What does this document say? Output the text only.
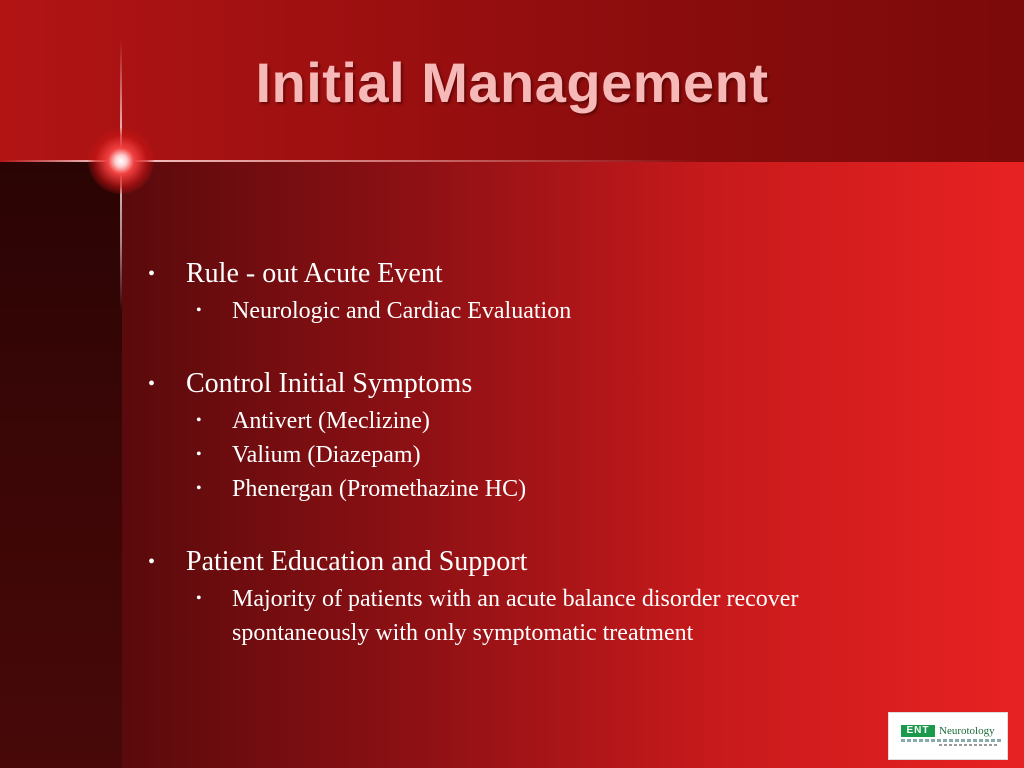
Initial Management
•	Rule - out Acute Event
•	Neurologic and Cardiac Evaluation
•	Control Initial Symptoms
•	Antivert (Meclizine)
•	Valium (Diazepam)
•	Phenergan (Promethazine HC)
•	Patient Education and Support
•	Majority of patients with an acute balance disorder recover spontaneously with only symptomatic treatment
ENT Neurotology
